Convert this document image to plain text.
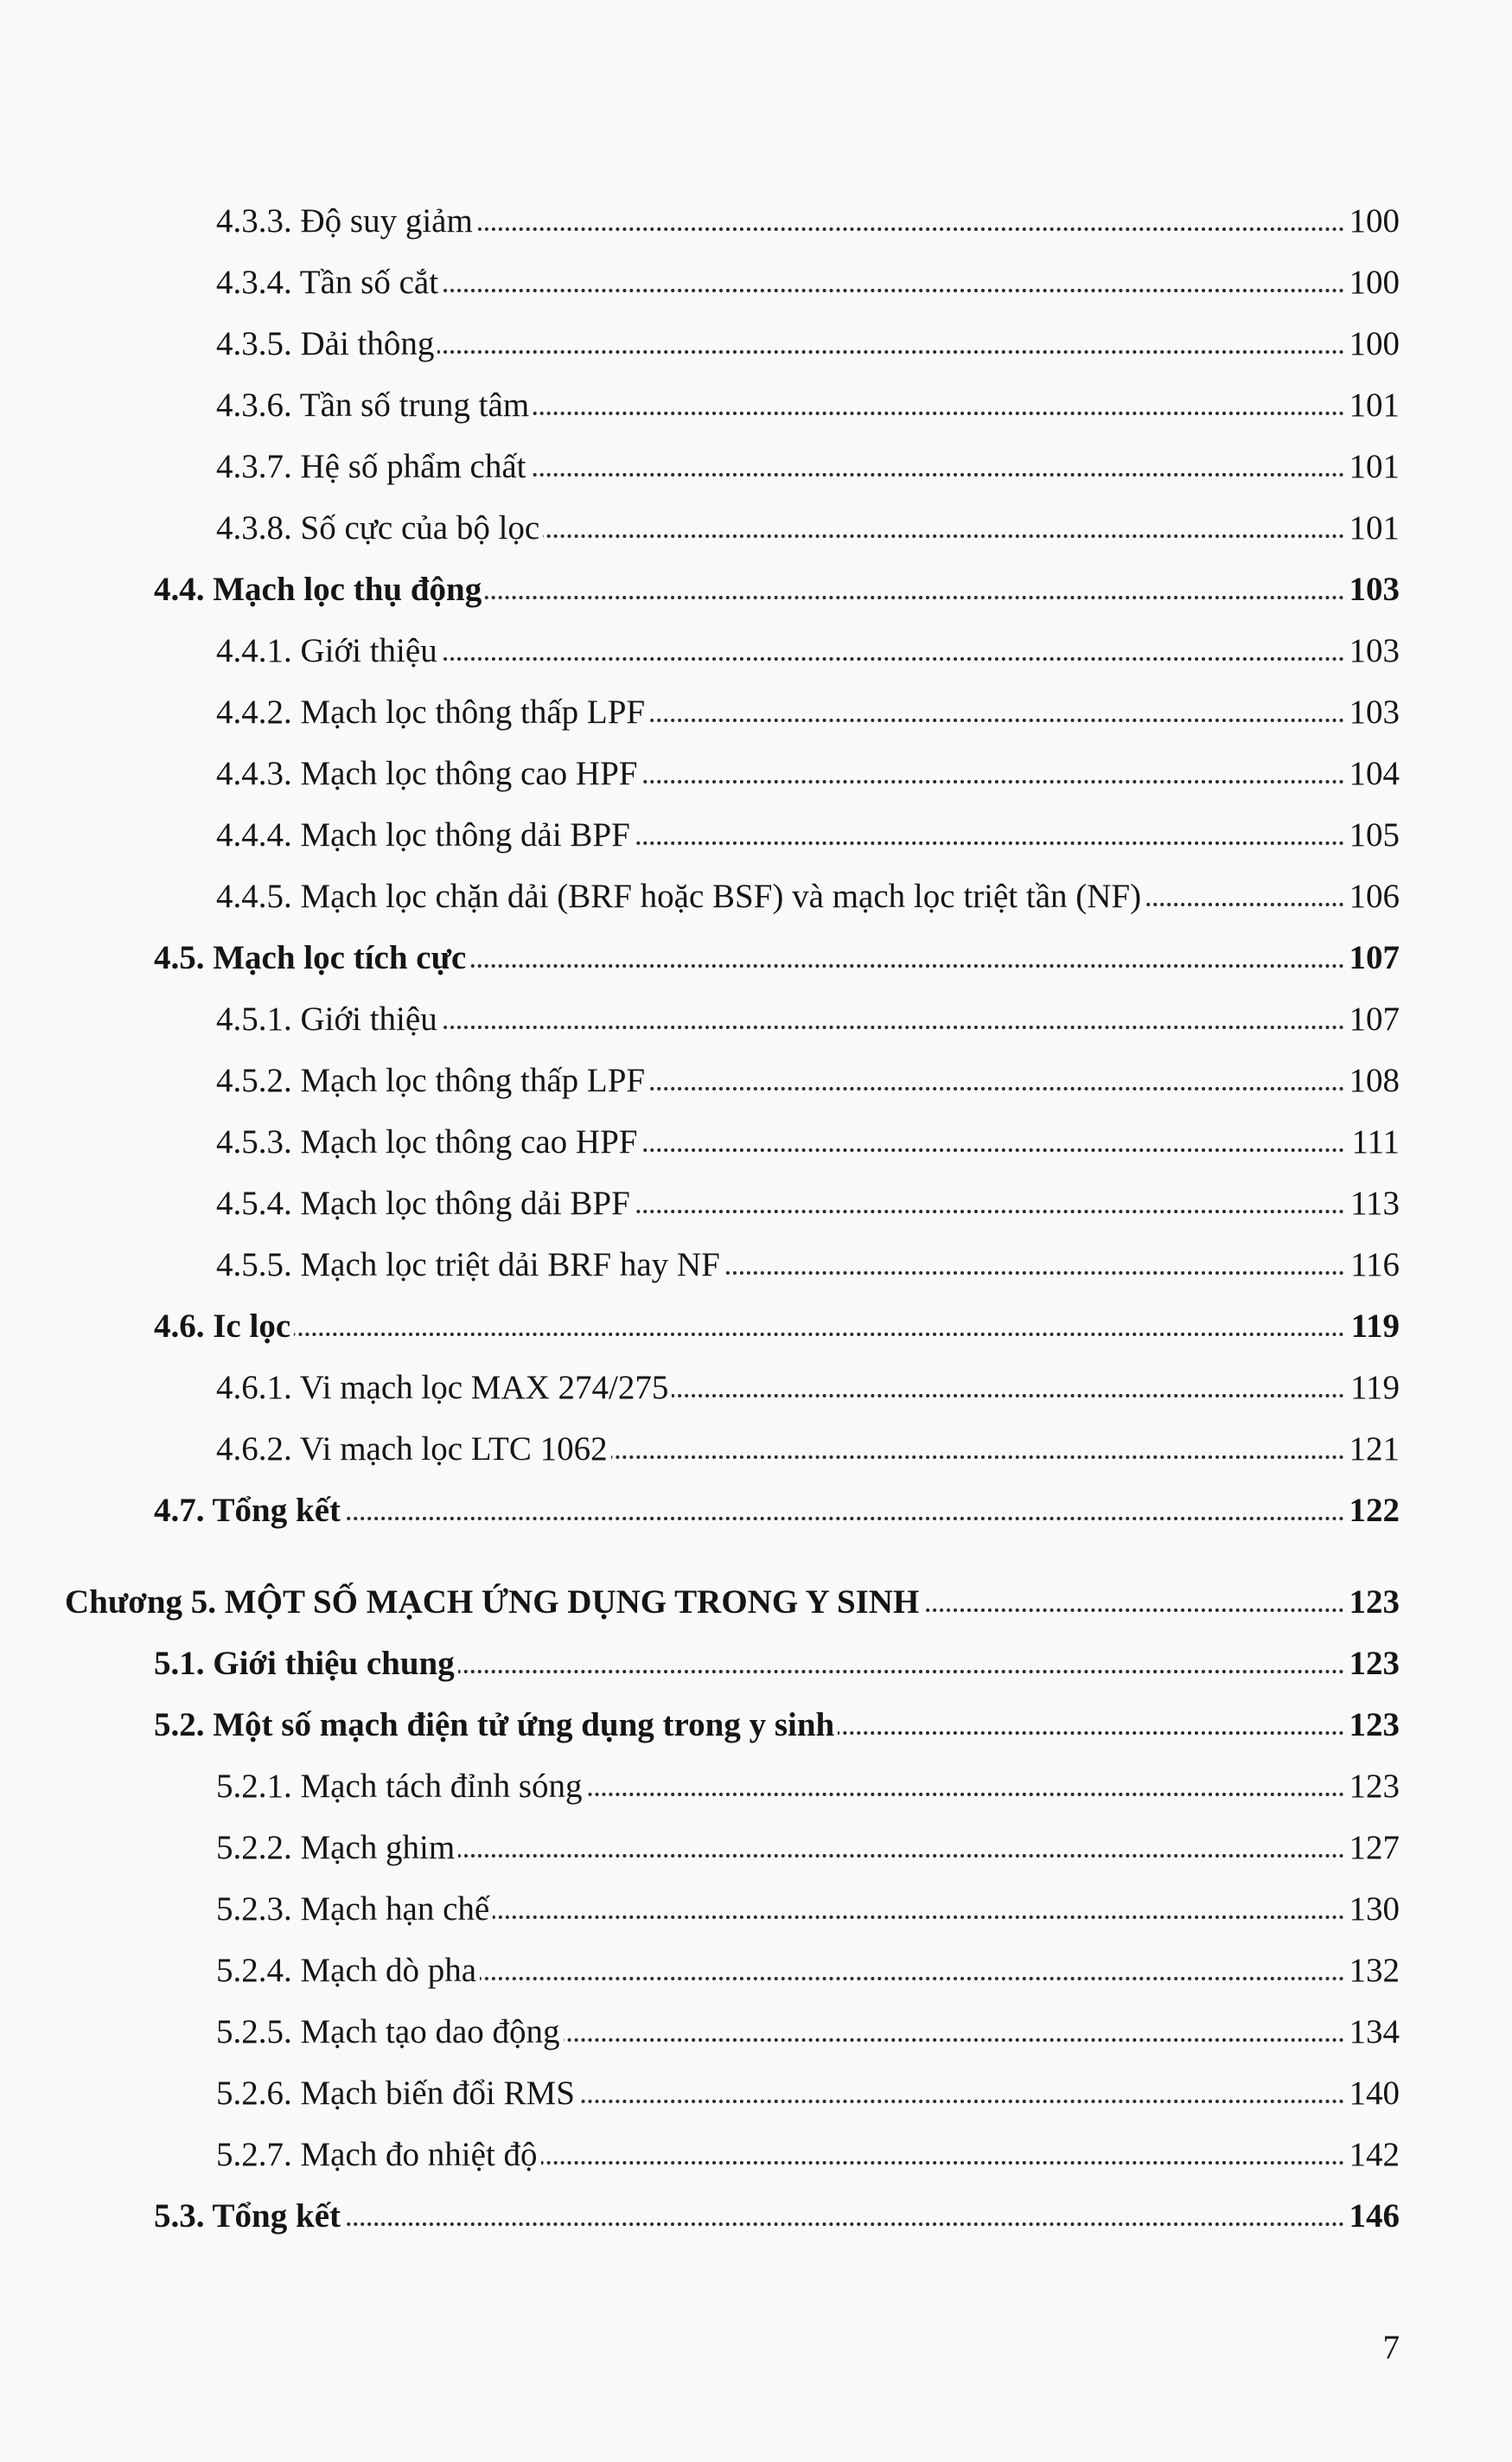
4.3.3. Độ suy giảm	100
4.3.4. Tần số cắt	100
4.3.5. Dải thông	100
4.3.6. Tần số trung tâm	101
4.3.7. Hệ số phẩm chất	101
4.3.8. Số cực của bộ lọc	101
4.4. Mạch lọc thụ động	103
4.4.1. Giới thiệu	103
4.4.2. Mạch lọc thông thấp LPF	103
4.4.3. Mạch lọc thông cao HPF	104
4.4.4. Mạch lọc thông dải BPF	105
4.4.5. Mạch lọc chặn dải (BRF hoặc BSF) và mạch lọc triệt tần (NF)	106
4.5. Mạch lọc tích cực	107
4.5.1. Giới thiệu	107
4.5.2. Mạch lọc thông thấp LPF	108
4.5.3. Mạch lọc thông cao HPF	111
4.5.4. Mạch lọc thông dải BPF	113
4.5.5. Mạch lọc triệt dải BRF hay NF	116
4.6. Ic lọc	119
4.6.1. Vi mạch lọc MAX 274/275	119
4.6.2. Vi mạch lọc LTC 1062	121
4.7. Tổng kết	122
Chương 5. MỘT SỐ MẠCH ỨNG DỤNG TRONG Y SINH	123
5.1. Giới thiệu chung	123
5.2. Một số mạch điện tử ứng dụng trong y sinh	123
5.2.1. Mạch tách đỉnh sóng	123
5.2.2. Mạch ghim	127
5.2.3. Mạch hạn chế	130
5.2.4. Mạch dò pha	132
5.2.5. Mạch tạo dao động	134
5.2.6. Mạch biến đổi RMS	140
5.2.7. Mạch đo nhiệt độ	142
5.3. Tổng kết	146
7
